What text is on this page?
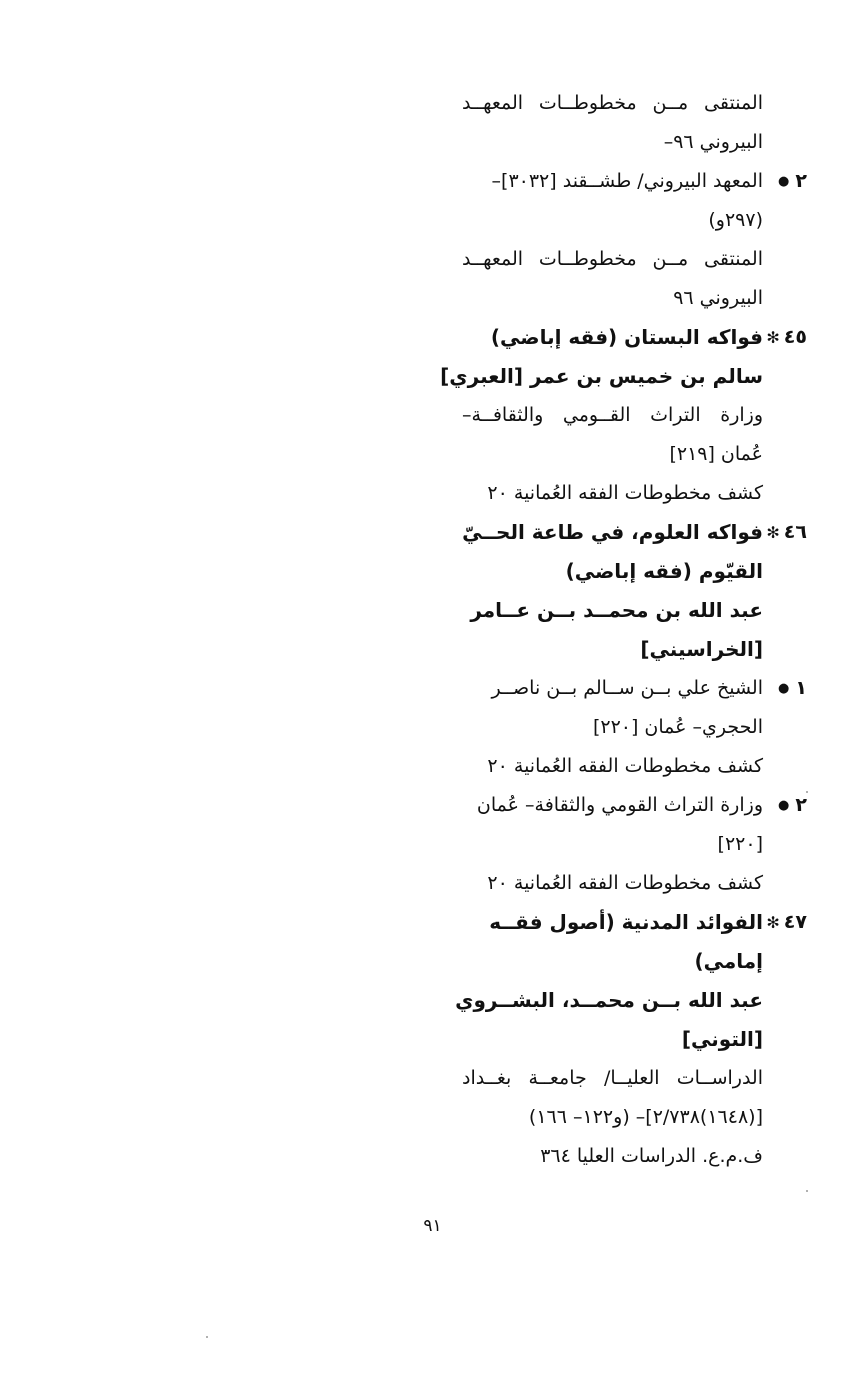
المنتقى مــن مخطوطــات المعهــد
البيروني ٩٦–
٢●
المعهد البيروني/ طشــقند [٣٠٣٢]–
(٢٩٧و)
المنتقى مــن مخطوطــات المعهــد
البيروني ٩٦
٤٥✻
فواكه البستان (فقه إباضي)
سالم بن خميس بن عمر [العبري]
وزارة التراث القــومي والثقافــة–
عُمان [٢١٩]
كشف مخطوطات الفقه العُمانية ٢٠
٤٦✻
فواكه العلوم، في طاعة الحــيّ
القيّوم (فقه إباضي)
عبد الله بن محمــد بــن عــامر
[الخراسيني]
١●
الشيخ علي بــن ســالم بــن ناصــر
الحجري– عُمان [٢٢٠]
كشف مخطوطات الفقه العُمانية ٢٠
٢●
وزارة التراث القومي والثقافة– عُمان
[٢٢٠]
كشف مخطوطات الفقه العُمانية ٢٠
٤٧✻
الفوائد المدنية (أصول فقــه
إمامي)
عبد الله بــن محمــد، البشــروي
[التوني]
الدراســات العليــا/ جامعــة بغــداد
[(١٦٤٨)٢/٧٣٨]– (و١٢٢– ١٦٦)
ف.م.ع. الدراسات العليا ٣٦٤
٩١
